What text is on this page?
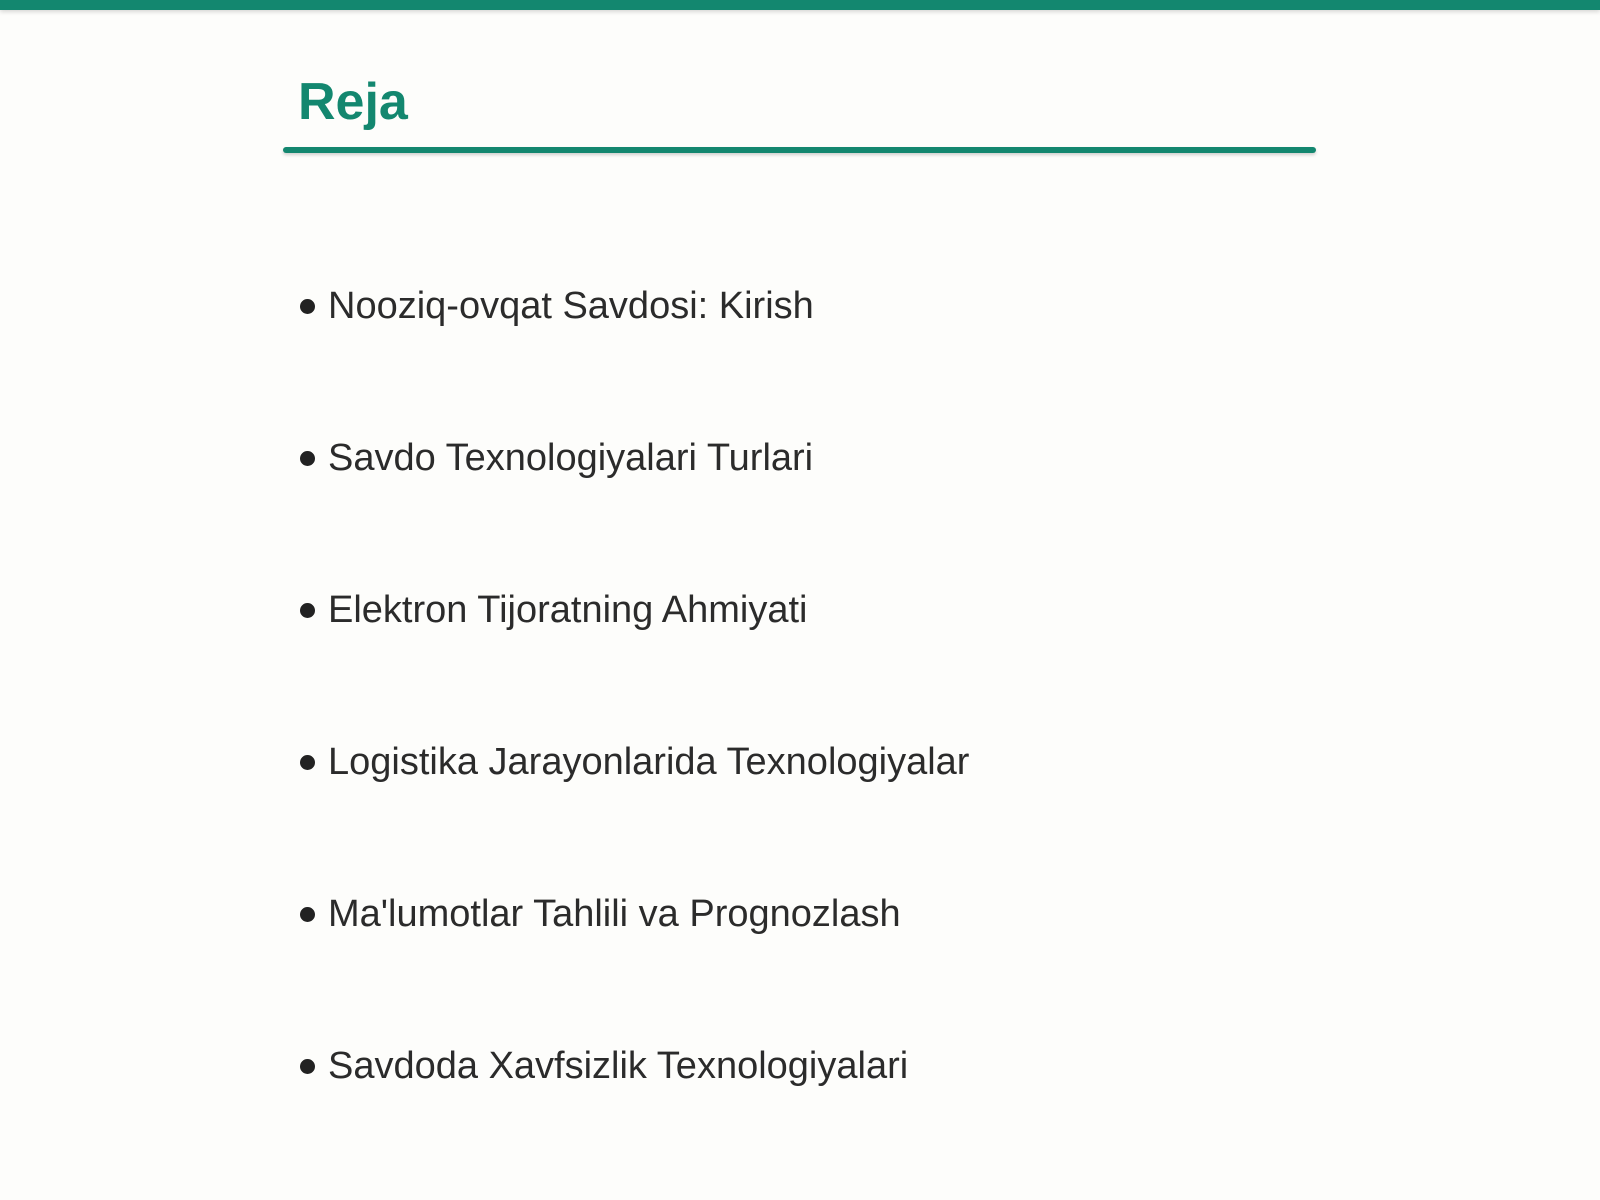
Reja
Nooziq-ovqat Savdosi: Kirish
Savdo Texnologiyalari Turlari
Elektron Tijoratning Ahmiyati
Logistika Jarayonlarida Texnologiyalar
Ma'lumotlar Tahlili va Prognozlash
Savdoda Xavfsizlik Texnologiyalari
